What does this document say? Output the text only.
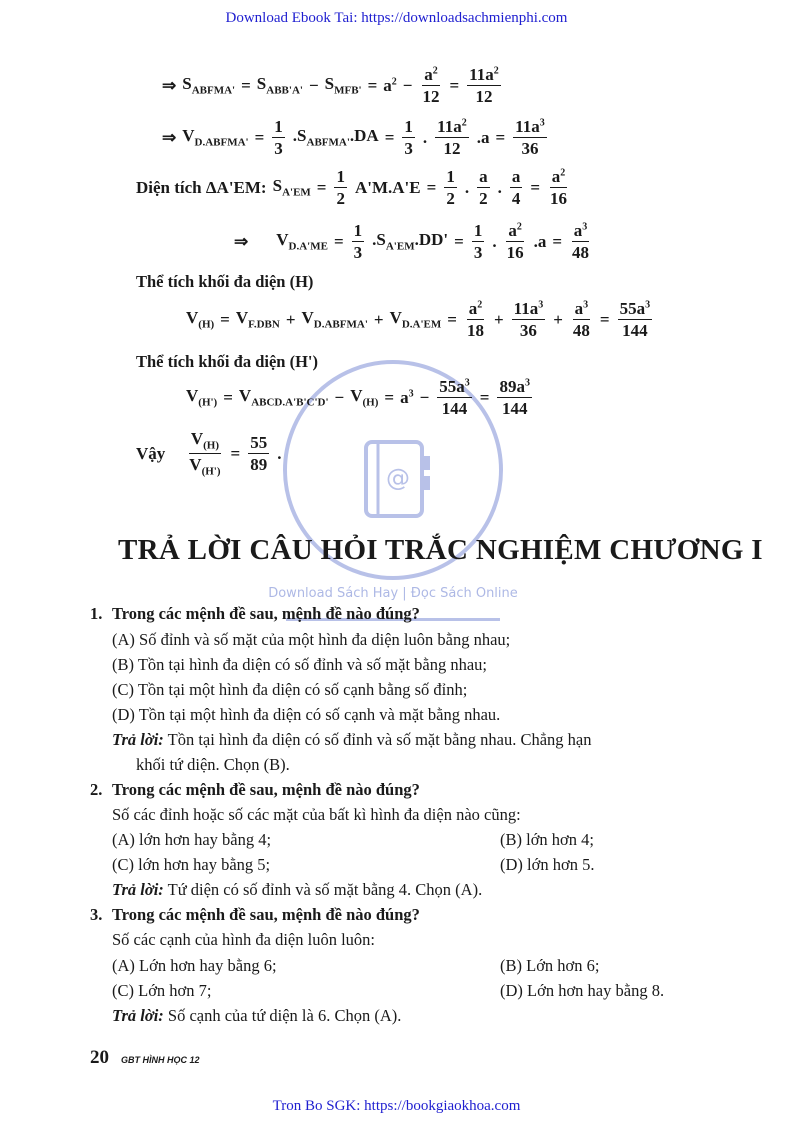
Download Ebook Tai: https://downloadsachmienphi.com
@
Download Sách Hay | Đọc Sách Online
⇒ $S_{ABFMA'} = S_{ABB'A'} - S_{MFB'} = a^2 - \frac{a^2}{12} = \frac{11a^2}{12}$
⇒ $V_{D.ABFMA'} = \frac{1}{3} .S_{ABFMA'}.DA = \frac{1}{3}$ . $\frac{11a^2}{12} .a = \frac{11a^3}{36}$
Diện tích ΔA'EM: $S_{A'EM} = \frac{1}{2} A'M.A'E = \frac{1}{2}$ . $\frac{a}{2}$ . $\frac{a}{4} = \frac{a^2}{16}$
⇒ $V_{D.A'ME} = \frac{1}{3} .S_{A'EM}.DD' = \frac{1}{3}$ . $\frac{a^2}{16} .a = \frac{a^3}{48}$
Thể tích khối đa diện (H)
$V_{(H)} = V_{F.DBN} + V_{D.ABFMA'} + V_{D.A'EM} = \frac{a^2}{18} + \frac{11a^3}{36} + \frac{a^3}{48} = \frac{55a^3}{144}$
Thể tích khối đa diện (H')
$V_{(H')} = V_{ABCD.A'B'C'D'} - V_{(H)} = a^3 - \frac{55a^3}{144} = \frac{89a^3}{144}$
Vậy $\frac{V_{(H)}}{V_{(H')}} = \frac{55}{89}$ .
TRẢ LỜI CÂU HỎI TRẮC NGHIỆM CHƯƠNG I
1. Trong các mệnh đề sau, mệnh đề nào đúng?
(A) Số đỉnh và số mặt của một hình đa diện luôn bằng nhau;
(B) Tồn tại hình đa diện có số đỉnh và số mặt bằng nhau;
(C) Tồn tại một hình đa diện có số cạnh bằng số đỉnh;
(D) Tồn tại một hình đa diện có số cạnh và mặt bằng nhau.
Trả lời: Tồn tại hình đa diện có số đỉnh và số mặt bằng nhau. Chẳng hạn
khối tứ diện. Chọn (B).
2. Trong các mệnh đề sau, mệnh đề nào đúng?
Số các đỉnh hoặc số các mặt của bất kì hình đa diện nào cũng:
(A) lớn hơn hay bằng 4;	(B) lớn hơn 4;
(C) lớn hơn hay bằng 5;	(D) lớn hơn 5.
Trả lời: Tứ diện có số đỉnh và số mặt bằng 4. Chọn (A).
3. Trong các mệnh đề sau, mệnh đề nào đúng?
Số các cạnh của hình đa diện luôn luôn:
(A) Lớn hơn hay bằng 6;	(B) Lớn hơn 6;
(C) Lớn hơn 7;	(D) Lớn hơn hay bằng 8.
Trả lời: Số cạnh của tứ diện là 6. Chọn (A).
20 GBT HÌNH HỌC 12
Tron Bo SGK: https://bookgiaokhoa.com
